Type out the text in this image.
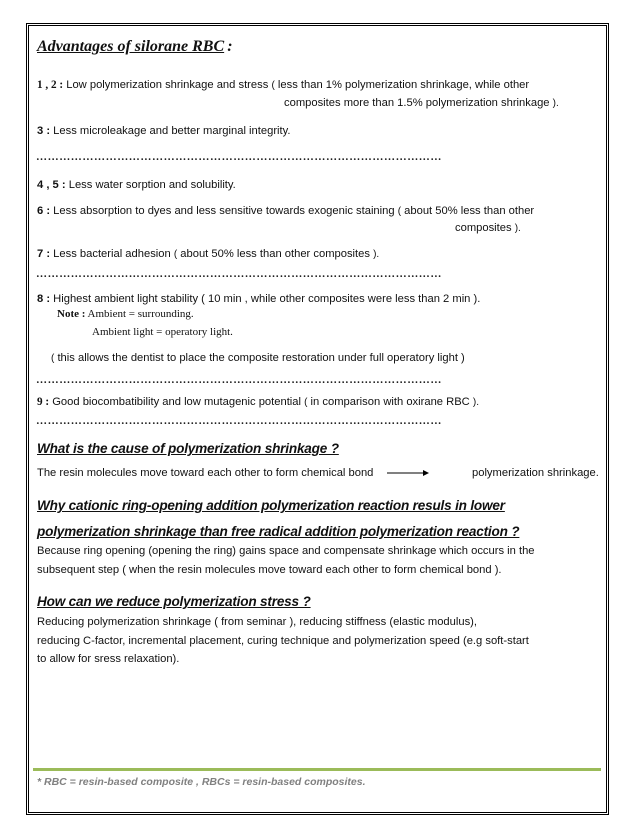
Advantages of silorane RBC :
1 , 2 : Low polymerization shrinkage and stress ( less than 1% polymerization shrinkage, while other
composites more than 1.5% polymerization shrinkage ).
3 : Less microleakage and better marginal integrity.
……………………………………………………………………………………………
4 , 5 : Less water sorption and solubility.
6 : Less absorption to dyes and less sensitive towards exogenic staining ( about 50% less than other
composites ).
7 : Less bacterial adhesion ( about 50% less than other composites ).
……………………………………………………………………………………………
8 : Highest ambient light stability ( 10 min , while other composites were less than 2 min ).
Note : Ambient = surrounding.
Ambient light = operatory light.
( this allows the dentist to place the composite restoration under full operatory light )
……………………………………………………………………………………………
9 : Good biocombatibility and low mutagenic potential ( in comparison with oxirane RBC ).
……………………………………………………………………………………………
What is the cause of polymerization shrinkage ?
The resin molecules move toward each other to form chemical bond	polymerization shrinkage.
Why cationic ring-opening addition polymerization reaction resuls in lower
polymerization shrinkage than free radical addition polymerization reaction ?
Because ring opening (opening the ring) gains space and compensate shrinkage which occurs in the
subsequent step ( when the resin molecules move toward each other to form chemical bond ).
How can we reduce polymerization stress ?
Reducing polymerization shrinkage ( from seminar ), reducing stiffness (elastic modulus),
reducing C-factor, incremental placement, curing technique and polymerization speed (e.g soft-start
to allow for sress relaxation).
* RBC = resin-based composite , RBCs = resin-based composites.
